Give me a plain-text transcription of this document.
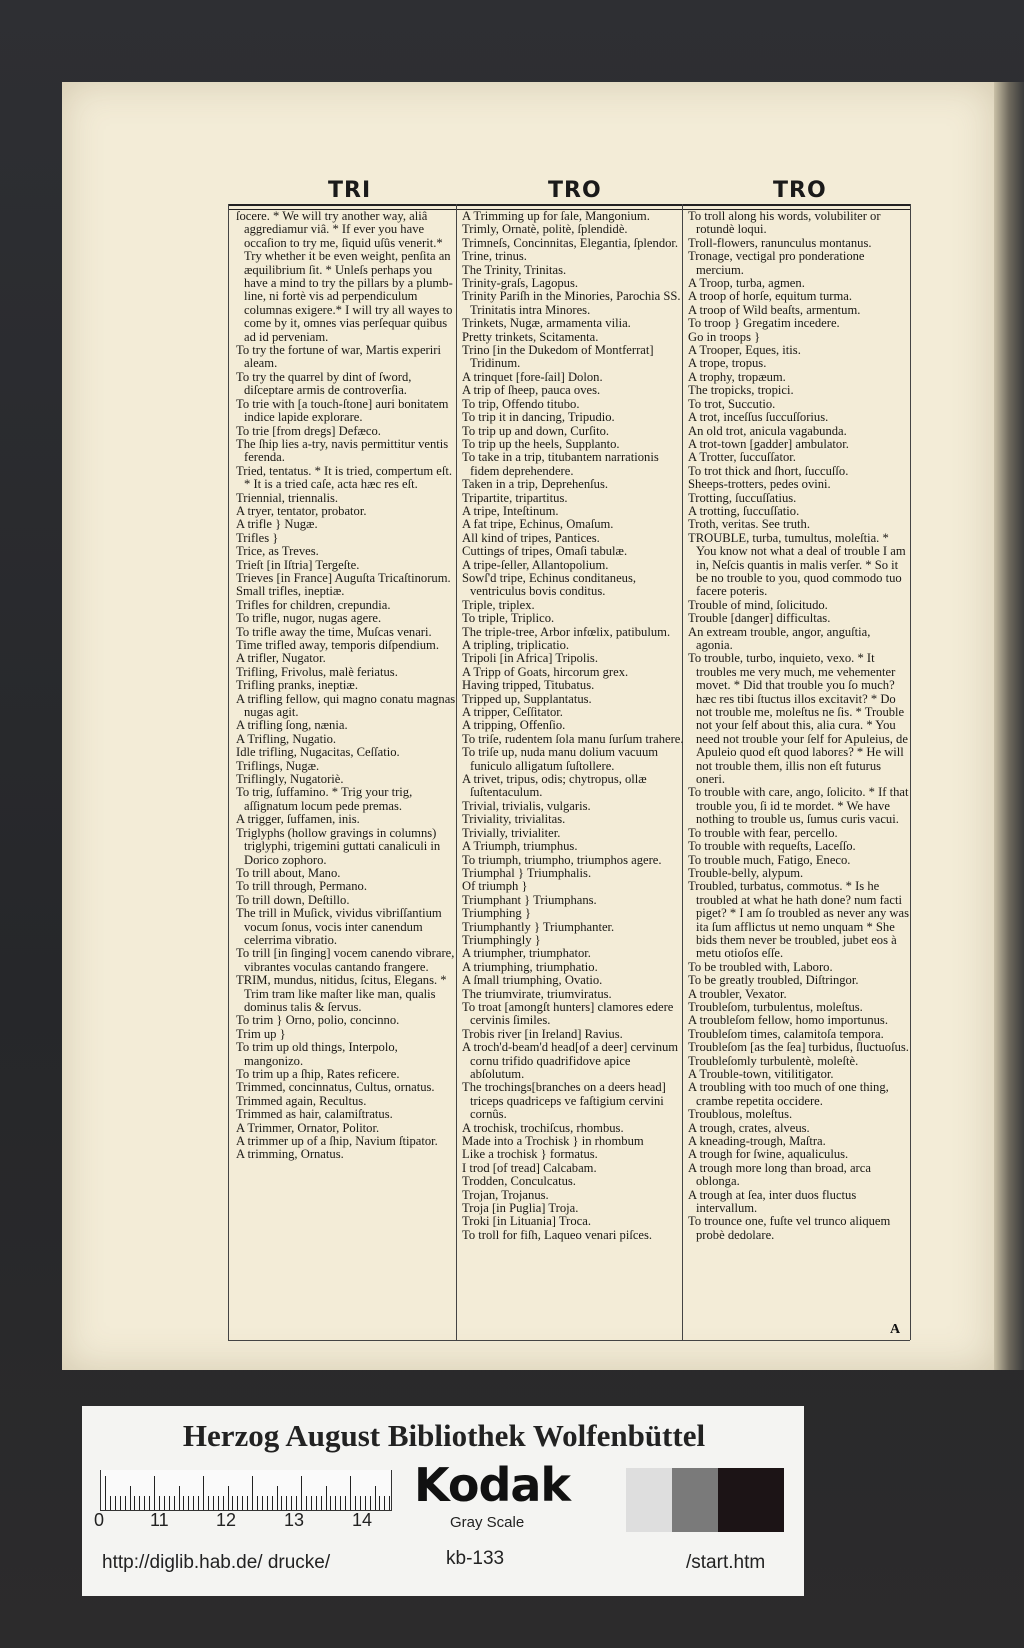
TRI	TRO	TRO

ſocere. * We will try another way, aliâ aggrediamur viâ. * If ever you have occaſion to try me, ſiquid uſûs venerit.* Try whether it be even weight, penſita an æquilibrium ſit. * Unleſs perhaps you have a mind to try the pillars by a plumb-line, ni fortè vis ad perpendiculum columnas exigere.* I will try all wayes to come by it, omnes vias perſequar quibus ad id perveniam.

To try the fortune of war, Martis experiri aleam.

To try the quarrel by dint of ſword, diſceptare armis de controverſia.

To trie with [a touch-ſtone] auri bonitatem indice lapide explorare.

To trie [from dregs] Defæco.

The ſhip lies a-try, navis permittitur ventis ferenda.

Tried, tentatus. * It is tried, compertum eſt. * It is a tried caſe, acta hæc res eſt.

Triennial, triennalis.

A tryer, tentator, probator.

A trifle } Nugæ.

Trifles }

Trice, as Treves.

Trieſt [in Iſtria] Tergeſte.

Trieves [in France] Auguſta Tricaſtinorum.

Small trifles, ineptiæ.

Trifles for children, crepundia.

To trifle, nugor, nugas agere.

To trifle away the time, Muſcas venari.

Time trifled away, temporis diſpendium.

A trifler, Nugator.

Trifling, Frivolus, malè feriatus.

Trifling pranks, ineptiæ.

A trifling fellow, qui magno conatu magnas nugas agit.

A trifling ſong, nænia.

A Trifling, Nugatio.

Idle trifling, Nugacitas, Ceſſatio.

Triflings, Nugæ.

Triflingly, Nugatoriè.

To trig, ſuffamino. * Trig your trig, aſſignatum locum pede premas.

A trigger, ſuffamen, inis.

Triglyphs (hollow gravings in columns) triglyphi, trigemini guttati canaliculi in Dorico zophoro.

To trill about, Mano.

To trill through, Permano.

To trill down, Deſtillo.

The trill in Muſick, vividus vibriſſantium vocum ſonus, vocis inter canendum celerrima vibratio.

To trill [in ſinging] vocem canendo vibrare, vibrantes voculas cantando frangere.

TRIM, mundus, nitidus, ſcitus, Elegans. * Trim tram like maſter like man, qualis dominus talis & ſervus.

To trim } Orno, polio, concinno.

Trim up }

To trim up old things, Interpolo, mangonizo.

To trim up a ſhip, Rates reficere.

Trimmed, concinnatus, Cultus, ornatus.

Trimmed again, Recultus.

Trimmed as hair, calamiſtratus.

A Trimmer, Ornator, Politor.

A trimmer up of a ſhip, Navium ſtipator.

A trimming, Ornatus.

A Trimming up for ſale, Mangonium.

Trimly, Ornatè, politè, ſplendidè.

Trimneſs, Concinnitas, Elegantia, ſplendor.

Trine, trinus.

The Trinity, Trinitas.

Trinity-graſs, Lagopus.

Trinity Pariſh in the Minories, Parochia SS. Trinitatis intra Minores.

Trinkets, Nugæ, armamenta vilia.

Pretty trinkets, Scitamenta.

Trino [in the Dukedom of Montferrat] Tridinum.

A trinquet [fore-ſail] Dolon.

A trip of ſheep, pauca oves.

To trip, Offendo titubo.

To trip it in dancing, Tripudio.

To trip up and down, Curſito.

To trip up the heels, Supplanto.

To take in a trip, titubantem narrationis fidem deprehendere.

Taken in a trip, Deprehenſus.

Tripartite, tripartitus.

A tripe, Inteſtinum.

A fat tripe, Echinus, Omaſum.

All kind of tripes, Pantices.

Cuttings of tripes, Omaſi tabulæ.

A tripe-ſeller, Allantopolium.

Sowſ'd tripe, Echinus conditaneus, ventriculus bovis conditus.

Triple, triplex.

To triple, Triplico.

The triple-tree, Arbor infœlix, patibulum.

A tripling, triplicatio.

Tripoli [in Africa] Tripolis.

A Tripp of Goats, hircorum grex.

Having tripped, Titubatus.

Tripped up, Supplantatus.

A tripper, Ceſſitator.

A tripping, Offenſio.

To triſe, rudentem ſola manu ſurſum trahere.

To triſe up, nuda manu dolium vacuum funiculo alligatum ſuſtollere.

A trivet, tripus, odis; chytropus, ollæ ſuſtentaculum.

Trivial, trivialis, vulgaris.

Triviality, trivialitas.

Trivially, trivialiter.

A Triumph, triumphus.

To triumph, triumpho, triumphos agere.

Triumphal } Triumphalis.

Of triumph }

Triumphant } Triumphans.

Triumphing }

Triumphantly } Triumphanter.

Triumphingly }

A triumpher, triumphator.

A triumphing, triumphatio.

A ſmall triumphing, Ovatio.

The triumvirate, triumviratus.

To troat [amongſt hunters] clamores edere cervinis ſimiles.

Trobis river [in Ireland] Ravius.

A troch'd-beam'd head[of a deer] cervinum cornu trifido quadrifidove apice abſolutum.

The trochings[branches on a deers head] triceps quadriceps ve faſtigium cervini cornûs.

A trochisk, trochiſcus, rhombus.

Made into a Trochisk } in rhombum

Like a trochisk } formatus.

I trod [of tread] Calcabam.

Trodden, Conculcatus.

Trojan, Trojanus.

Troja [in Puglia] Troja.

Troki [in Lituania] Troca.

To troll for fiſh, Laqueo venari piſces.

To troll along his words, volubiliter or rotundè loqui.

Troll-flowers, ranunculus montanus.

Tronage, vectigal pro ponderatione mercium.

A Troop, turba, agmen.

A troop of horſe, equitum turma.

A troop of Wild beaſts, armentum.

To troop } Gregatim incedere.

Go in troops }

A Trooper, Eques, itis.

A trope, tropus.

A trophy, tropæum.

The tropicks, tropici.

To trot, Succutio.

A trot, inceſſus ſuccuſſorius.

An old trot, anicula vagabunda.

A trot-town [gadder] ambulator.

A Trotter, ſuccuſſator.

To trot thick and ſhort, ſuccuſſo.

Sheeps-trotters, pedes ovini.

Trotting, ſuccuſſatius.

A trotting, ſuccuſſatio.

Troth, veritas. See truth.

TROUBLE, turba, tumultus, moleſtia. * You know not what a deal of trouble I am in, Neſcis quantis in malis verſer. * So it be no trouble to you, quod commodo tuo facere poteris.

Trouble of mind, ſolicitudo.

Trouble [danger] difficultas.

An extream trouble, angor, anguſtia, agonia.

To trouble, turbo, inquieto, vexo. * It troubles me very much, me vehementer movet. * Did that trouble you ſo much? hæc res tibi ſtuctus illos excitavit? * Do not trouble me, moleſtus ne ſis. * Trouble not your ſelf about this, alia cura. * You need not trouble your ſelf for Apuleius, de Apuleio quod eſt quod laborεs? * He will not trouble them, illis non eſt futurus oneri.

To trouble with care, ango, ſolicito. * If that trouble you, ſi id te mordet. * We have nothing to trouble us, ſumus curis vacui.

To trouble with fear, percello.

To trouble with requeſts, Laceſſo.

To trouble much, Fatigo, Eneco.

Trouble-belly, alypum.

Troubled, turbatus, commotus. * Is he troubled at what he hath done? num facti piget? * I am ſo troubled as never any was ita ſum afflictus ut nemo unquam * She bids them never be troubled, jubet eos à metu otioſos eſſe.

To be troubled with, Laboro.

To be greatly troubled, Diſtringor.

A troubler, Vexator.

Troubleſom, turbulentus, moleſtus.

A troubleſom fellow, homo importunus.

Troubleſom times, calamitoſa tempora.

Troubleſom [as the ſea] turbidus, ſluctuoſus.

Troubleſomly turbulentè, moleſtè.

A Trouble-town, vitilitigator.

A troubling with too much of one thing, crambe repetita occidere.

Troublous, moleſtus.

A trough, crates, alveus.

A kneading-trough, Maſtra.

A trough for ſwine, aqualiculus.

A trough more long than broad, arca oblonga.

A trough at ſea, inter duos fluctus intervallum.

To trounce one, fuſte vel trunco aliquem probè dedolare.

A
Herzog August Bibliothek Wolfenbüttel
0	11	12	13	14
Kodak
Gray Scale
http://diglib.hab.de/ drucke/	kb-133	/start.htm
